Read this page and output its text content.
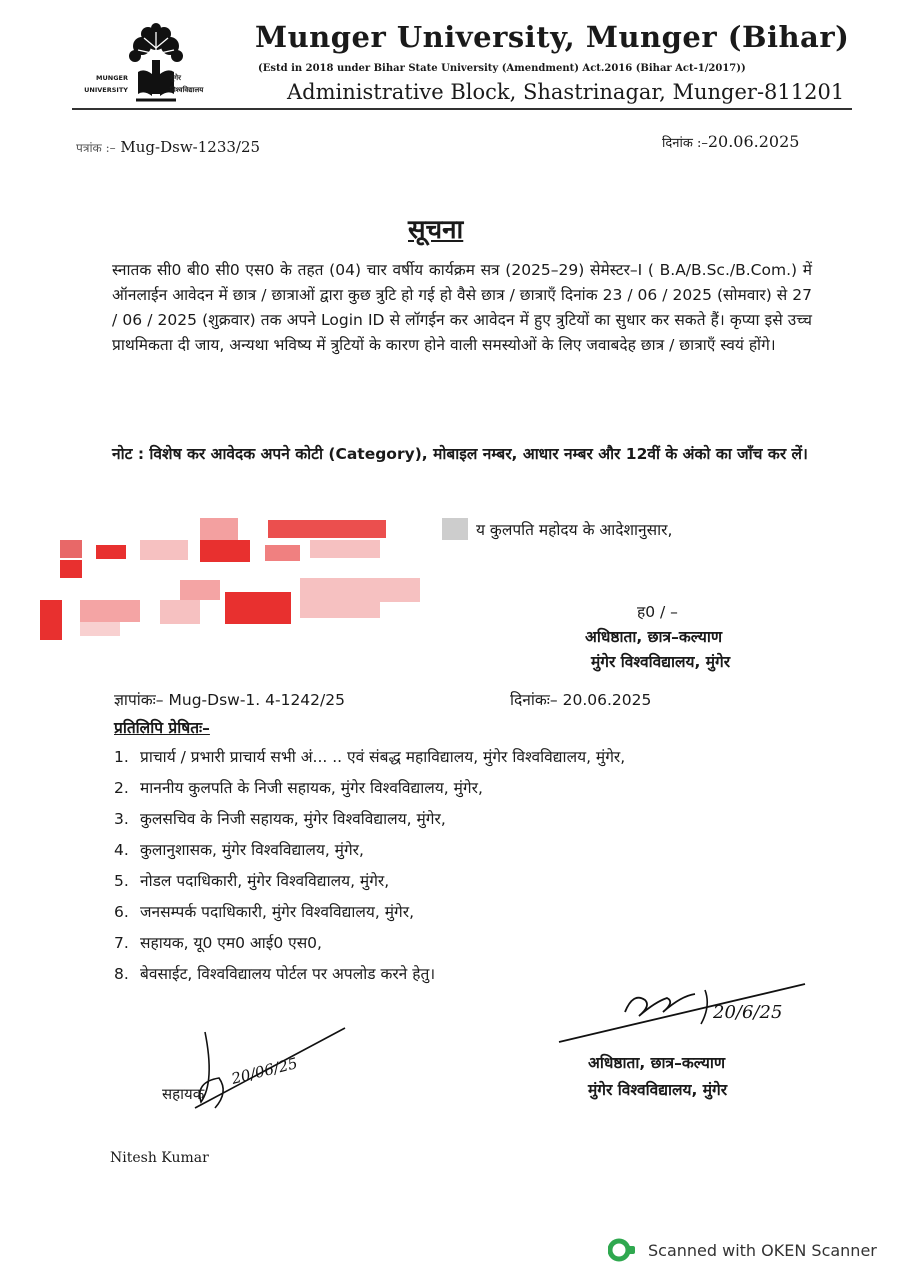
MUNGER
UNIVERSITY
मुंगेर
विश्वविद्यालय
Munger University, Munger (Bihar)
(Estd in 2018 under Bihar State University (Amendment) Act.2016 (Bihar Act-1/2017))
Administrative Block, Shastrinagar, Munger-811201
पत्रांक :– Mug-Dsw-1233/25	दिनांक :–20.06.2025
सूचना
स्नातक सी0 बी0 सी0 एस0 के तहत (04) चार वर्षीय कार्यक्रम सत्र (2025–29) सेमेस्टर–I ( B.A/B.Sc./B.Com.) में ऑनलाईन आवेदन में छात्र / छात्राओं द्वारा कुछ त्रुटि हो गई हो वैसे छात्र / छात्राएँ दिनांक 23 / 06 / 2025 (सोमवार) से 27 / 06 / 2025 (शुक्रवार) तक अपने Login ID से लॉगईन कर आवेदन में हुए त्रुटियों का सुधार कर सकते हैं। कृप्या इसे उच्च प्राथमिकता दी जाय, अन्यथा भविष्य में त्रुटियों के कारण होने वाली समस्योओं के लिए जवाबदेह छात्र / छात्राएँ स्वयं होंगे।
नोट : विशेष कर आवेदक अपने कोटी (Category), मोबाइल नम्बर, आधार नम्बर और 12वीं के अंको का जाँच कर लें।
य कुलपति महोदय के आदेशानुसार,
ह0 / –
अधिष्ठाता, छात्र–कल्याण
मुंगेर विश्वविद्यालय, मुंगेर
ज्ञापांकः– Mug-Dsw-1. 4-1242/25	दिनांकः– 20.06.2025
प्रतिलिपि प्रेषितः–
1. प्राचार्य / प्रभारी प्राचार्य सभी अं... .. एवं संबद्ध महाविद्यालय, मुंगेर विश्वविद्यालय, मुंगेर,
2. माननीय कुलपति के निजी सहायक, मुंगेर विश्वविद्यालय, मुंगेर,
3. कुलसचिव के निजी सहायक, मुंगेर विश्वविद्यालय, मुंगेर,
4. कुलानुशासक, मुंगेर विश्वविद्यालय, मुंगेर,
5. नोडल पदाधिकारी, मुंगेर विश्वविद्यालय, मुंगेर,
6. जनसम्पर्क पदाधिकारी, मुंगेर विश्वविद्यालय, मुंगेर,
7. सहायक, यू0 एम0 आई0 एस0,
8. बेवसाईट, विश्वविद्यालय पोर्टल पर अपलोड करने हेतु।
20/6/25
अधिष्ठाता, छात्र–कल्याण
मुंगेर विश्वविद्यालय, मुंगेर
20/06/25
सहायक
Nitesh Kumar
Scanned with OKEN Scanner
